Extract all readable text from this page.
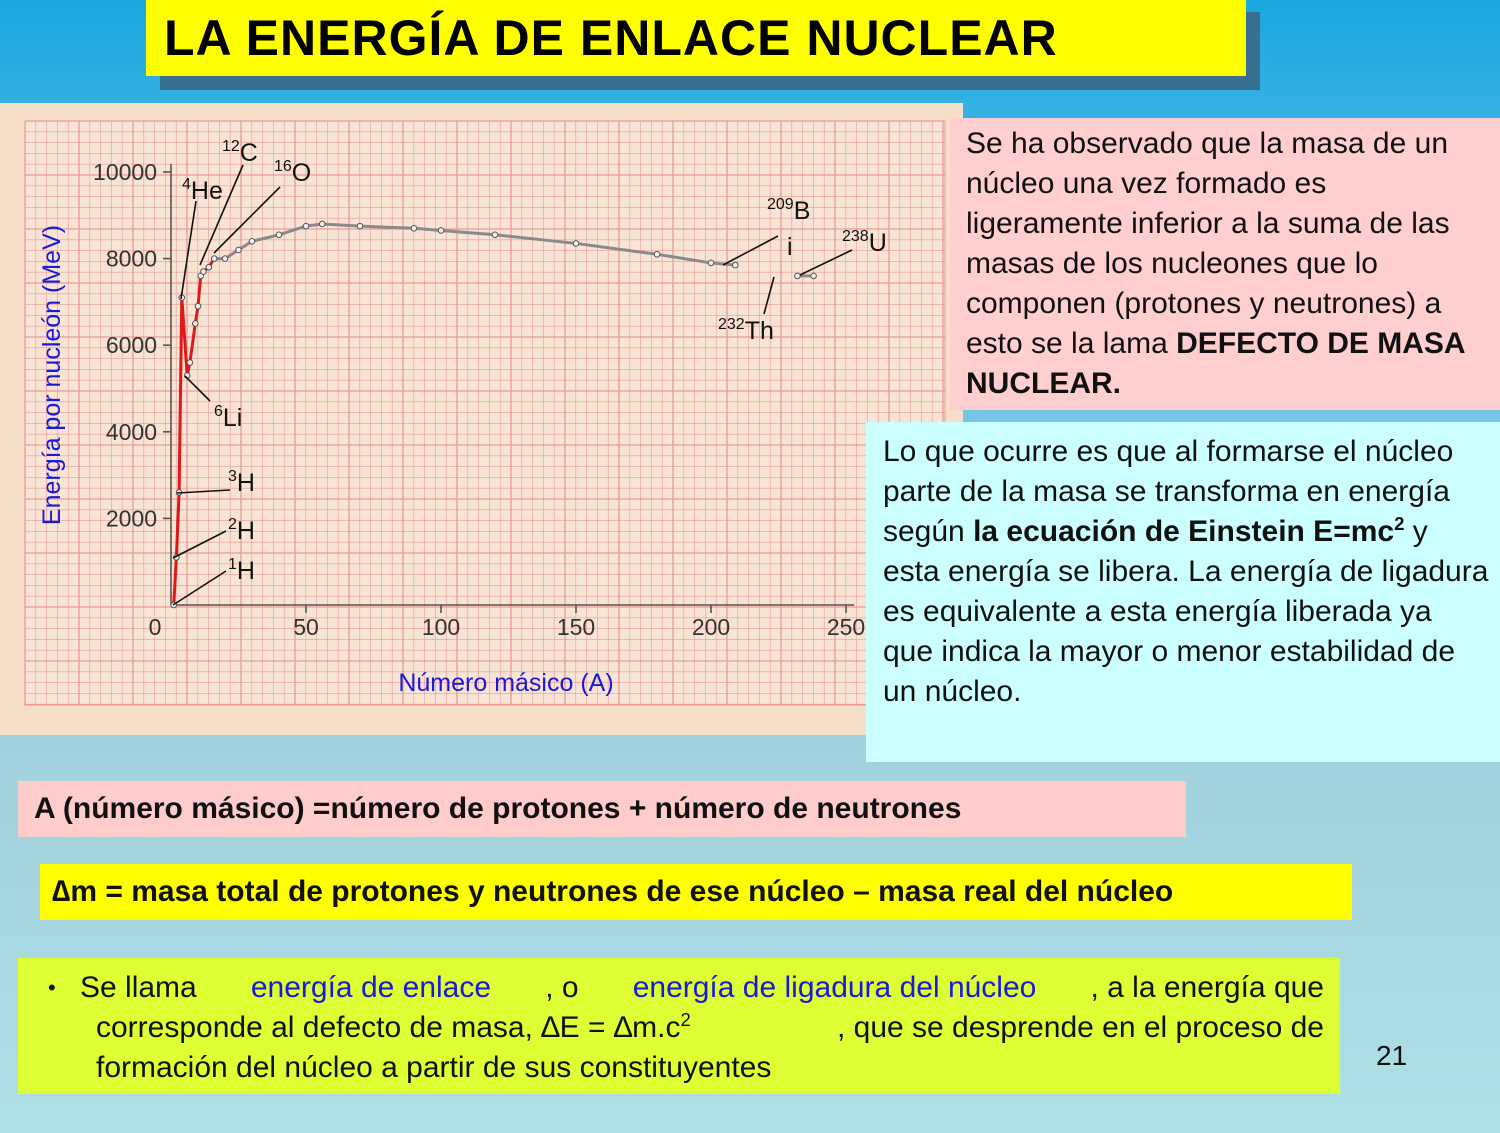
LA ENERGÍA DE ENLACE NUCLEAR
2000
4000
6000
8000
10000
0	50	100	150	200	250
Número másico (A)
Energía por nucleón (MeV)
$^1$H
$^2$H
$^3$H
$^4$He
$^6$Li
$^{12}$C $^{16}$O
$^{209}$B
i
$^{232}$Th
$^{238}$U
Se ha observado que la masa de un núcleo una vez formado es ligeramente inferior a la suma de las masas de los nucleones que lo componen (protones y neutrones) a esto se la lama DEFECTO DE MASA NUCLEAR.
Lo que ocurre es que al formarse el núcleo parte de la masa se transforma en energía según la ecuación de Einstein $E=mc^2$ y esta energía se libera. La energía de ligadura es equivalente a esta energía liberada ya que indica la mayor o menor estabilidad de un núcleo.
A (número másico) =número de protones + número de neutrones
∆m = masa total de protones y neutrones de ese núcleo – masa real del núcleo
• Se llama energía de enlace , o energía de ligadura del núcleo , a la energía que
corresponde al defecto de masa, $\Delta E = \Delta m.c^2$	, que se desprende en el proceso de
formación del núcleo a partir de sus constituyentes	21
